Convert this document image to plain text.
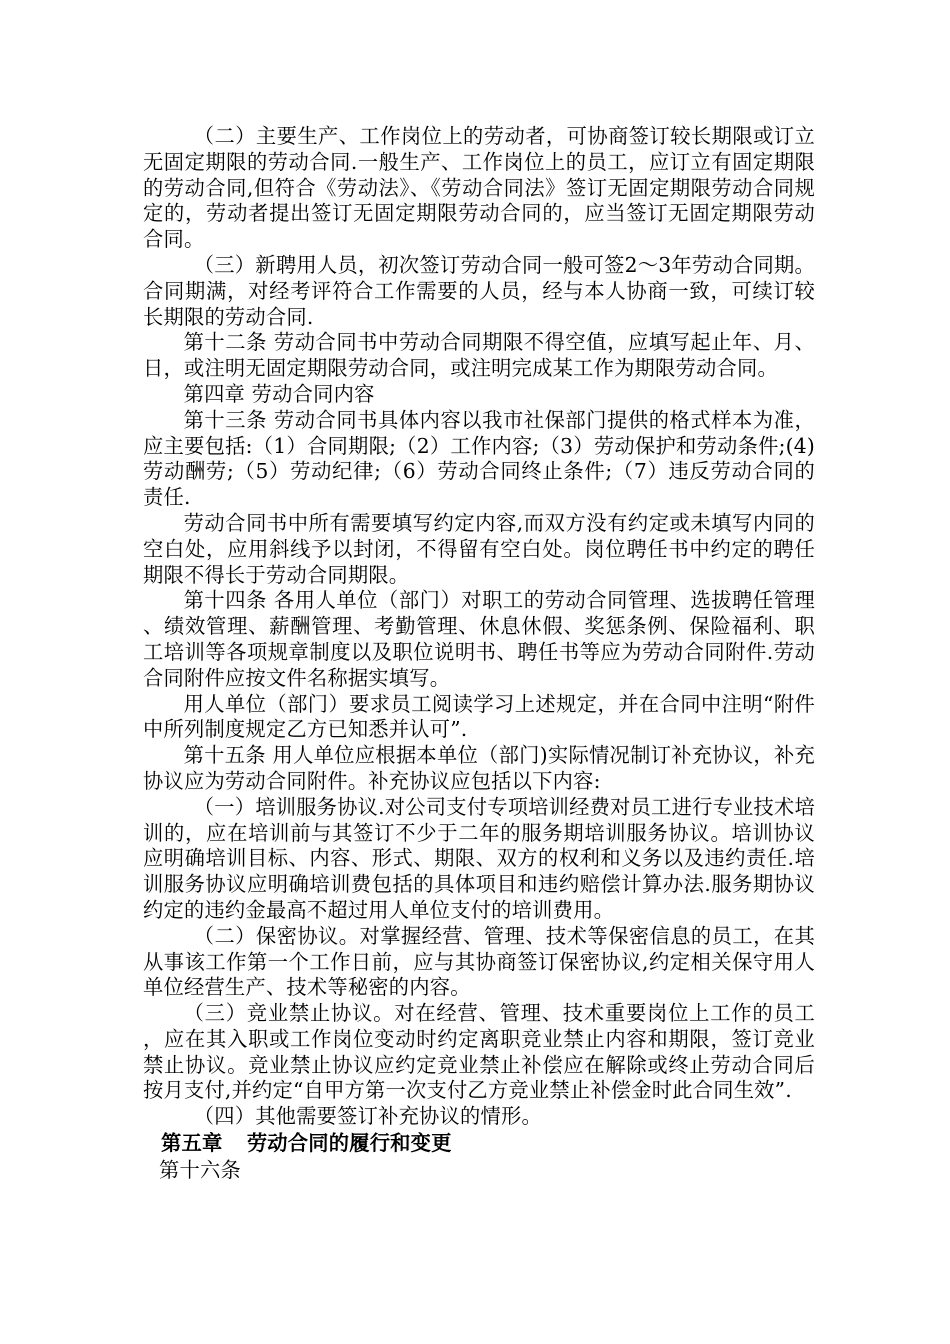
（二）主要生产、工作岗位上的劳动者，可协商签订较长期限或订立无固定期限的劳动合同.一般生产、工作岗位上的员工，应订立有固定期限的劳动合同,但符合《劳动法》、《劳动合同法》签订无固定期限劳动合同规定的，劳动者提出签订无固定期限劳动合同的，应当签订无固定期限劳动合同。

（三）新聘用人员，初次签订劳动合同一般可签2～3年劳动合同期。合同期满，对经考评符合工作需要的人员，经与本人协商一致，可续订较长期限的劳动合同.

第十二条 劳动合同书中劳动合同期限不得空值，应填写起止年、月、日，或注明无固定期限劳动合同，或注明完成某工作为期限劳动合同。

第四章 劳动合同内容

第十三条 劳动合同书具体内容以我市社保部门提供的格式样本为准，应主要包括:（1）合同期限;（2）工作内容;（3）劳动保护和劳动条件;(4)劳动酬劳;（5）劳动纪律;（6）劳动合同终止条件;（7）违反劳动合同的责任.

劳动合同书中所有需要填写约定内容,而双方没有约定或未填写内同的空白处，应用斜线予以封闭，不得留有空白处。岗位聘任书中约定的聘任期限不得长于劳动合同期限。

第十四条 各用人单位（部门）对职工的劳动合同管理、选拔聘任管理、绩效管理、薪酬管理、考勤管理、休息休假、奖惩条例、保险福利、职工培训等各项规章制度以及职位说明书、聘任书等应为劳动合同附件.劳动合同附件应按文件名称据实填写。

用人单位（部门）要求员工阅读学习上述规定，并在合同中注明“附件中所列制度规定乙方已知悉并认可”.

第十五条 用人单位应根据本单位（部门)实际情况制订补充协议，补充协议应为劳动合同附件。补充协议应包括以下内容:

（一）培训服务协议.对公司支付专项培训经费对员工进行专业技术培训的，应在培训前与其签订不少于二年的服务期培训服务协议。培训协议应明确培训目标、内容、形式、期限、双方的权利和义务以及违约责任.培训服务协议应明确培训费包括的具体项目和违约赔偿计算办法.服务期协议约定的违约金最高不超过用人单位支付的培训费用。

（二）保密协议。对掌握经营、管理、技术等保密信息的员工，在其从事该工作第一个工作日前，应与其协商签订保密协议,约定相关保守用人单位经营生产、技术等秘密的内容。

（三）竞业禁止协议。对在经营、管理、技术重要岗位上工作的员工，应在其入职或工作岗位变动时约定离职竞业禁止内容和期限，签订竞业禁止协议。竞业禁止协议应约定竞业禁止补偿应在解除或终止劳动合同后按月支付,并约定“自甲方第一次支付乙方竞业禁止补偿金时此合同生效”.

（四）其他需要签订补充协议的情形。

第五章 劳动合同的履行和变更

第十六条
